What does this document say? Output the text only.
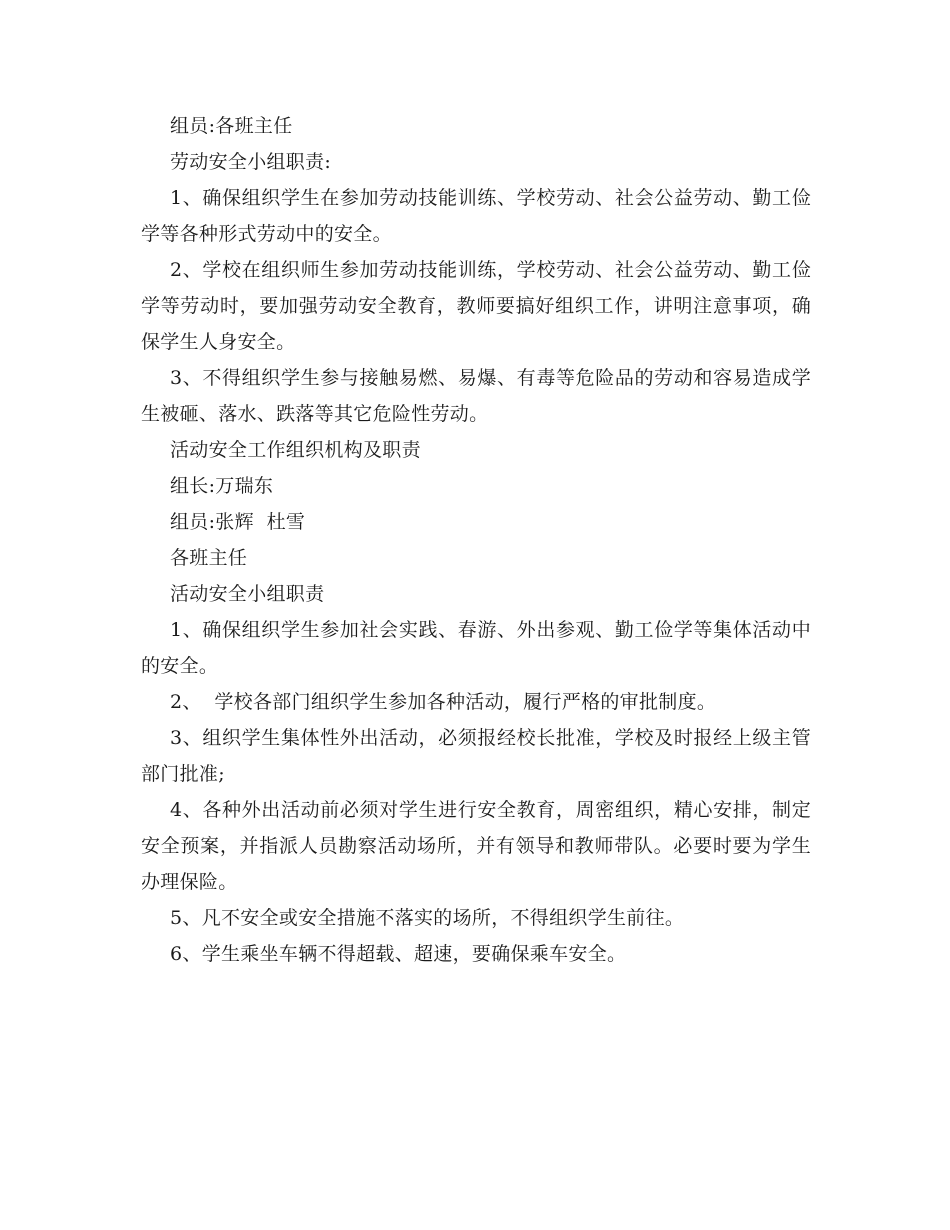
组员:各班主任

劳动安全小组职责:

1、确保组织学生在参加劳动技能训练、学校劳动、社会公益劳动、勤工俭学等各种形式劳动中的安全。

2、学校在组织师生参加劳动技能训练，学校劳动、社会公益劳动、勤工俭学等劳动时，要加强劳动安全教育，教师要搞好组织工作，讲明注意事项，确保学生人身安全。

3、不得组织学生参与接触易燃、易爆、有毒等危险品的劳动和容易造成学生被砸、落水、跌落等其它危险性劳动。

活动安全工作组织机构及职责

组长:万瑞东

组员:张辉  杜雪

各班主任

活动安全小组职责

1、确保组织学生参加社会实践、春游、外出参观、勤工俭学等集体活动中的安全。

2、  学校各部门组织学生参加各种活动，履行严格的审批制度。

3、组织学生集体性外出活动，必须报经校长批准，学校及时报经上级主管部门批准;

4、各种外出活动前必须对学生进行安全教育，周密组织，精心安排，制定安全预案，并指派人员勘察活动场所，并有领导和教师带队。必要时要为学生办理保险。

5、凡不安全或安全措施不落实的场所，不得组织学生前往。

6、学生乘坐车辆不得超载、超速，要确保乘车安全。
